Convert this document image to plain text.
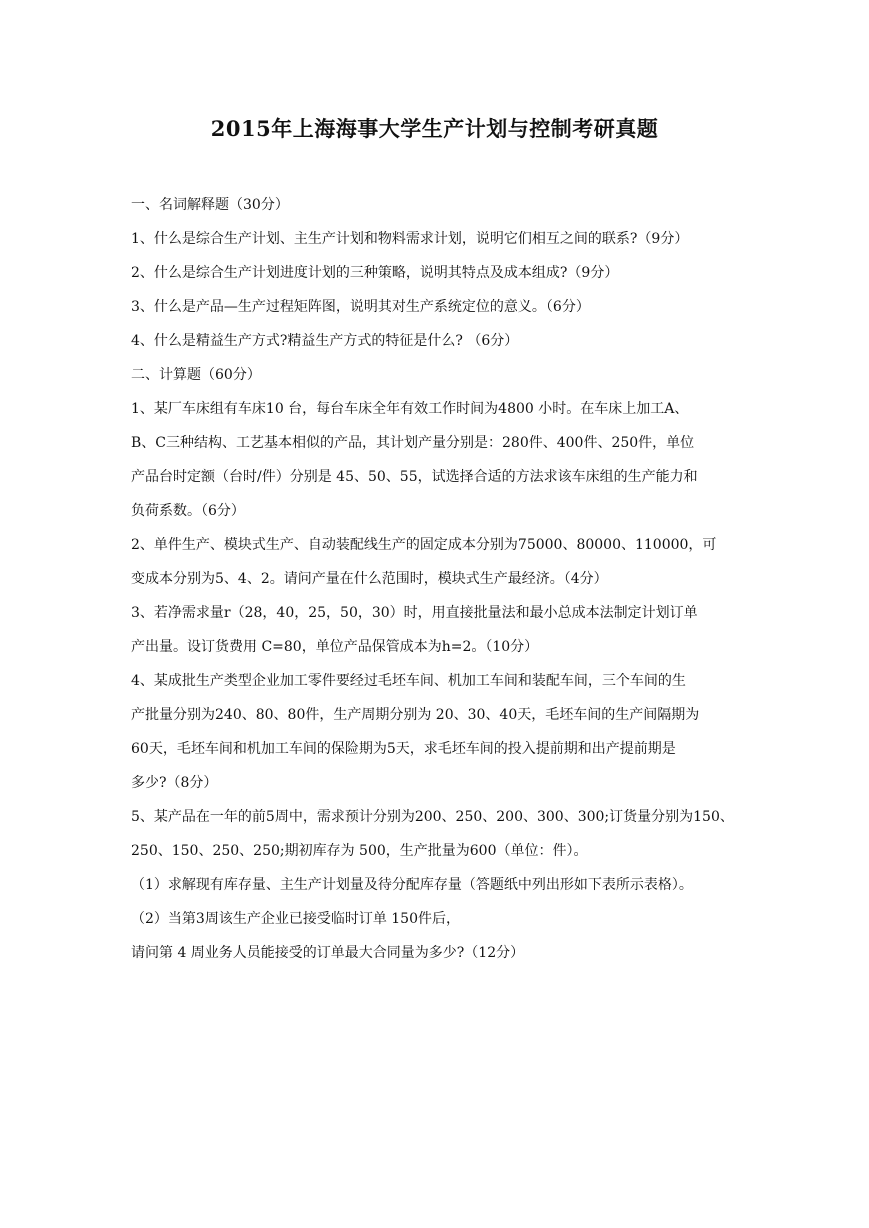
2015年上海海事大学生产计划与控制考研真题
一、名词解释题（30分）
1、什么是综合生产计划、主生产计划和物料需求计划，说明它们相互之间的联系?（9分）
2、什么是综合生产计划进度计划的三种策略，说明其特点及成本组成?（9分）
3、什么是产品—生产过程矩阵图，说明其对生产系统定位的意义。（6分）
4、什么是精益生产方式?精益生产方式的特征是什么? （6分）
二、计算题（60分）
1、某厂车床组有车床10 台，每台车床全年有效工作时间为4800 小时。在车床上加工A、
B、C三种结构、工艺基本相似的产品，其计划产量分别是：280件、400件、250件，单位
产品台时定额（台时/件）分别是 45、50、55，试选择合适的方法求该车床组的生产能力和
负荷系数。（6分）
2、单件生产、模块式生产、自动装配线生产的固定成本分别为75000、80000、110000，可
变成本分别为5、4、2。请问产量在什么范围时，模块式生产最经济。（4分）
3、若净需求量r（28，40，25，50，30）时，用直接批量法和最小总成本法制定计划订单
产出量。设订货费用 C=80，单位产品保管成本为h=2。（10分）
4、某成批生产类型企业加工零件要经过毛坯车间、机加工车间和装配车间，三个车间的生
产批量分别为240、80、80件，生产周期分别为 20、30、40天，毛坯车间的生产间隔期为
60天，毛坯车间和机加工车间的保险期为5天，求毛坯车间的投入提前期和出产提前期是
多少?（8分）
5、某产品在一年的前5周中，需求预计分别为200、250、200、300、300;订货量分别为150、
250、150、250、250;期初库存为 500，生产批量为600（单位：件）。
（1）求解现有库存量、主生产计划量及待分配库存量（答题纸中列出形如下表所示表格）。
（2）当第3周该生产企业已接受临时订单 150件后，
请问第 4 周业务人员能接受的订单最大合同量为多少?（12分）
